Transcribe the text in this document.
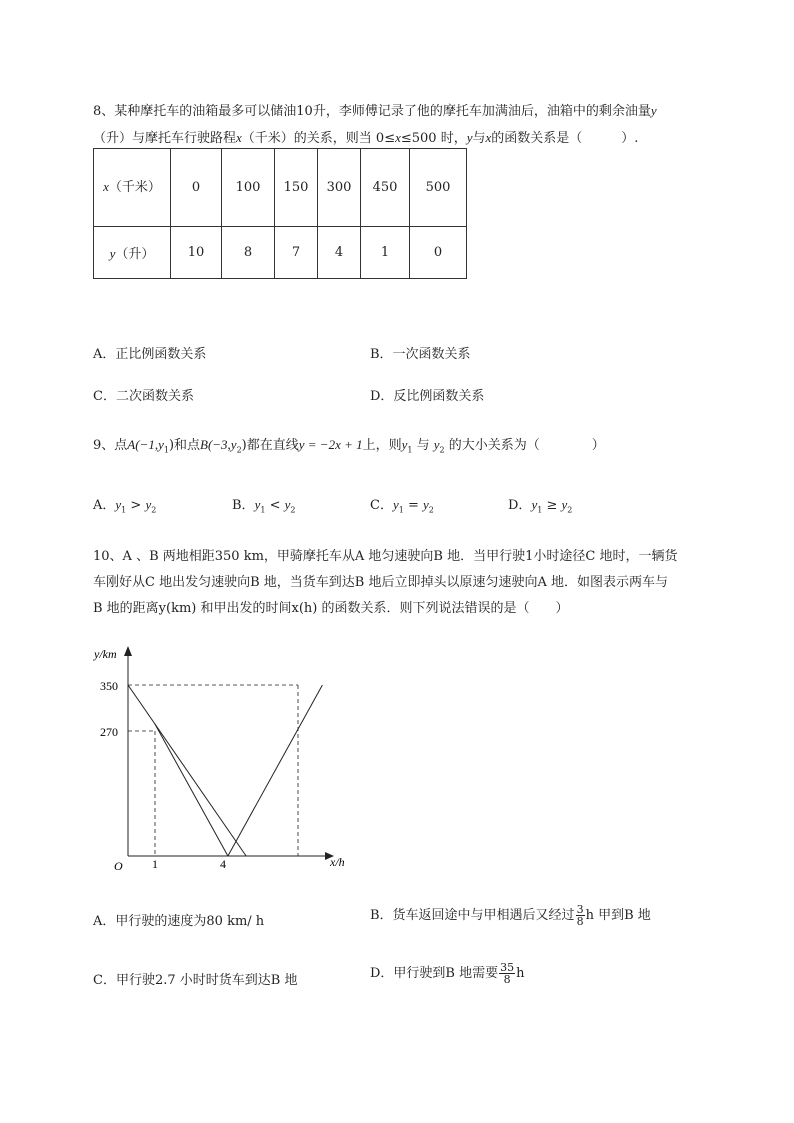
8、某种摩托车的油箱最多可以储油10升，李师傅记录了他的摩托车加满油后，油箱中的剩余油量y
（升）与摩托车行驶路程x（千米）的关系，则当 0≤x≤500 时，y与x的函数关系是（　　　）.
x（千米）	0	100	150	300	450	500
y（升）	10	8	7	4	1	0
A．正比例函数关系	B．一次函数关系
C．二次函数关系	D．反比例函数关系
9、点$A(-1,y_1)$和点$B(-3,y_2)$都在直线y = −2x + 1上，则$y_1$ 与 $y_2$ 的大小关系为（　　　　）
A．$y_1 > y_2$	B．$y_1 < y_2$	C．$y_1 = y_2$	D．$y_1 \ge y_2$
10、A 、B 两地相距350 km，甲骑摩托车从A 地匀速驶向B 地．当甲行驶1小时途径C 地时，一辆货
车刚好从C 地出发匀速驶向B 地，当货车到达B 地后立即掉头以原速匀速驶向A 地．如图表示两车与
B 地的距离y(km) 和甲出发的时间x(h) 的函数关系．则下列说法错误的是（　　）
y/km
x/h
O
350
270
1	4
A．甲行驶的速度为80 km/ h	B．货车返回途中与甲相遇后又经过 $\frac{3}{8}$ h 甲到B 地
C．甲行驶2.7 小时时货车到达B 地	D．甲行驶到B 地需要 $\frac{35}{8}$ h
